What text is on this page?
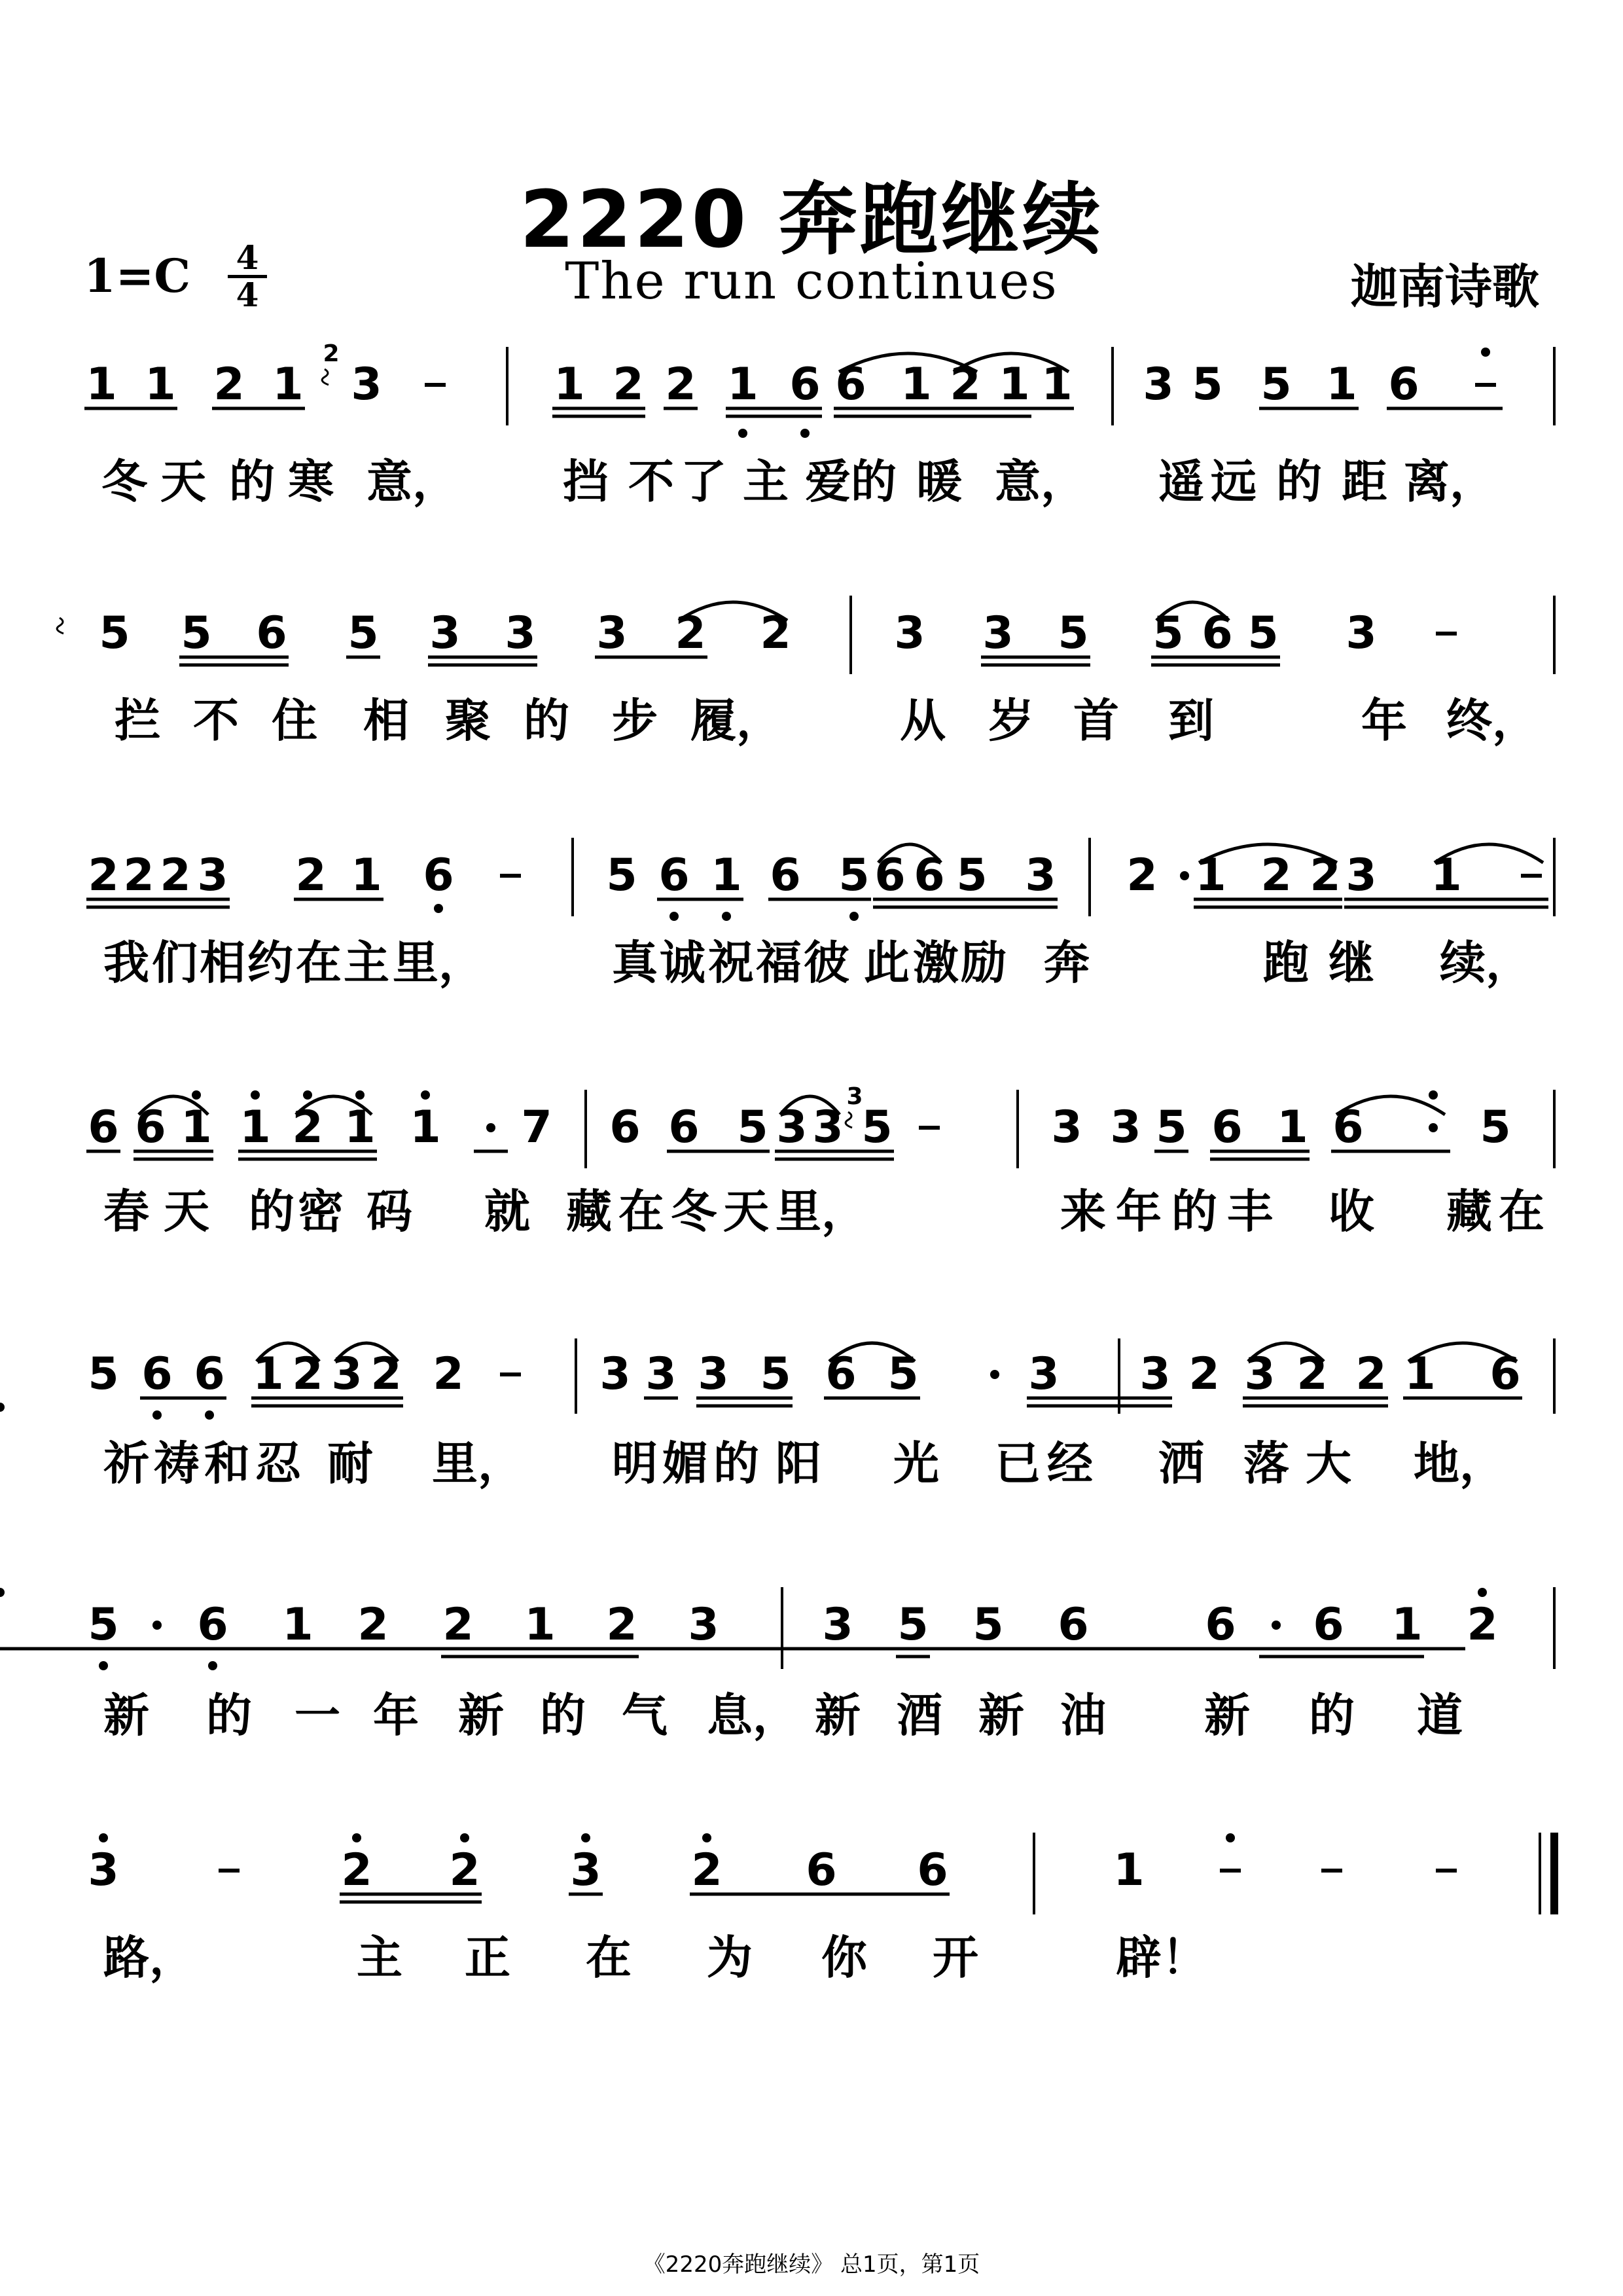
2220 奔跑继续
$1=C \frac{4}{4}$	The run continues	迦南诗歌
1 1 2 1 3	1 2 2 1 6 6 1 2 1 1 3 5 5 1 6
2
冬 天 的 寒 意， 挡 不 了 主 爱 的 暖 意， 遥 远 的 距 离，
5 5 6 5 3 3 3 2 2 3 3 5 5 6 5 3
拦 不 住 相 聚 的 步 履，	从 岁 首 到	年 终，
2 2 2 3 2 1 6	5 6 1 6 5 6 6 5 3 2 1 2 2 3 1
我 们 相 约 在 主 里，	真 诚 祝 福 彼 此 激 励 奔	跑 继 续，
6 6 1 1 2 1 1 7 6 6 5 3 3 5	3 3 5 6 1 6	5
3
春 天 的 密 码 就 藏 在 冬 天 里，	来 年 的 丰 收 藏 在
5 6 6 1 2 3 2 2	3 3 3 5 6 5 3 3 2 3 2 2 1 6
祈 祷 和 忍 耐 里， 明 媚 的 阳 光 已 经 洒 落 大 地，
5 6 1 2 2 1 2 3 3 5 5 6	6 6 1 2
新 的 一 年 新 的 气 息， 新 酒 新 油 新 的 道
3	2 2 3 2 6 6	1
路，	主 正 在 为 你 开	辟！
《2220奔跑继续》 总1页，第1页
